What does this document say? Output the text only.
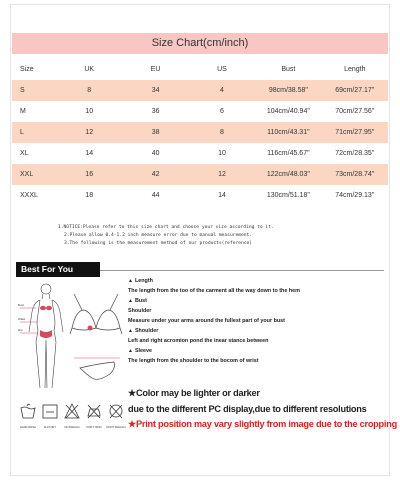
Size Chart(cm/inch)
Size	UK	EU	US	Bust	Length
S	8	34	4	98cm/38.58"	69cm/27.17"
M	10	36	6	104cm/40.94"	70cm/27.56"
L	12	38	8	110cm/43.31"	71cm/27.95"
XL	14	40	10	116cm/45.67"	72cm/28.35"
XXL	16	42	12	122cm/48.03"	73cm/28.74"
XXXL	18	44	14	130cm/51.18"	74cm/29.13"
1.NOTICE:Please refer to this size chart and choose your size according to it.
2.Please allow 0.4-1.2 inch measure error due to manual measurement.
3.The following is the measurement method of our products(reference)
Best For You
Bust
Waist
Hip
▲ Length
The length from the too of the carment all the way down to the hem
▲ Bust
Shoulder
Measure under your arms around the fullest part of your bust
▲ Shoulder
Left and right acromion pond the inear stance between
▲ Sleeve
The length from the shoulder to the bocom of wrist
★Color may be lighter or darker
due to the different PC display,due to different resolutions
★Print position may vary slightly from image due to the cropping
HAND WASH	FLAT DRY	NO BLEACH	DON'T IRON	DON'T BLEACH
